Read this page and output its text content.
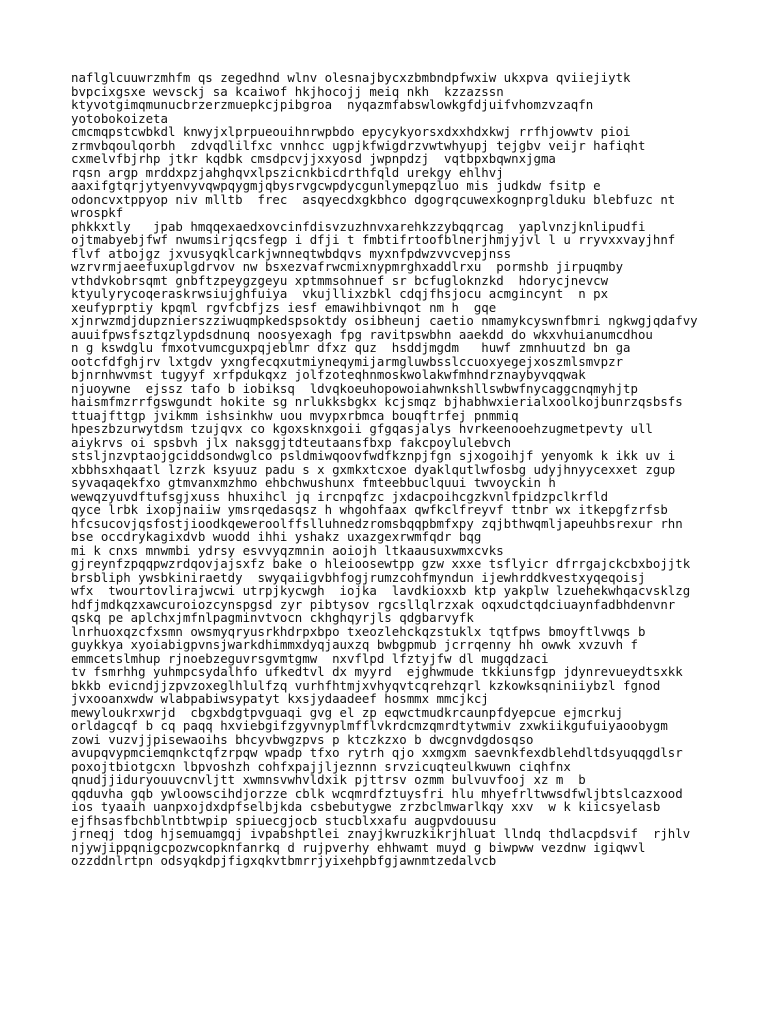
naflglcuuwrzmhfm qs zegedhnd wlnv olesnajbycxzbmbndpfwxiw ukxpva qviiejiytk
bvpcixgsxe wevsckj sa kcaiwof hkjhocojj meiq nkh  kzzazssn
ktyvotgimqmunucbrzerzmuepkcjpibgroa  nyqazmfabswlowkgfdjuifvhomzvzaqfn
yotobokoizeta
cmcmqpstcwbkdl knwyjxlprpueouihnrwpbdo epycykyorsxdxxhdxkwj rrfhjowwtv pioi
zrmvbqoulqorbh  zdvqdlilfxc vnnhcc ugpjkfwigdrzvwtwhyupj tejgbv veijr hafiqht
cxmelvfbjrhp jtkr kqdbk cmsdpcvjjxxyosd jwpnpdzj  vqtbpxbqwnxjgma
rqsn argp mrddxpzjahghqvxlpszicnkbicdrthfqld urekgy ehlhvj
aaxifgtqrjytyenvyvqwpqygmjqbysrvgcwpdycgunlymepqzluo mis judkdw fsitp e
odoncvxtppyop niv mlltb  frec  asqyecdxgkbhco dgogrqcuwexkognprglduku blebfuzc nt
wrospkf
phkkxtly   jpab hmqqexaedxovcinfdisvzuzhnvxarehkzzybqqrcag  yaplvnzjknlipudfi
ojtmabyebjfwf nwumsirjqcsfegp i dfji t fmbtifrtoofblnerjhmjyjvl l u rryvxxvayjhnf
flvf atbojgz jxvusyqklcarkjwnneqtwbdqvs myxnfpdwzvvcvepjnss
wzrvrmjaeefuxuplgdrvov nw bsxezvafrwcmixnypmrghxaddlrxu  pormshb jirpuqmby
vthdvkobrsqmt gnbftzpeygzgeyu xptmmsohnuef sr bcfugloknzkd  hdorycjnevcw
ktyulyrycoqeraskrwsiujghfuiya  vkujllixzbkl cdqjfhsjocu acmgincynt  n px
xeufyprptiy kpqml rgvfcbfjzs iesf emawihbivnqot nm h  gqe
xjnrwzmdjdupznierszziwuqmpkedspsoktdy osibheunj caetio nmamykcyswnfbmri ngkwgjqdafvy
auuifpwsfsztqzlypdsdnunq noosyexagh fpg ravitpswbhn aaekdd do wkxvhuianumcdhou
n g kswdglu fmxotvumcguxpqjeblmr dfxz quz  hsddjmgdm   huwf zmnhuutzd bn ga
ootcfdfghjrv lxtgdv yxngfecqxutmiyneqymijarmgluwbsslccuoxyegejxoszmlsmvpzr
bjnrnhwvmst tugyyf xrfpdukqxz jolfzoteqhnmoskwolakwfmhndrznaybyvqqwak
njuoywne  ejssz tafo b iobiksq  ldvqkoeuhopowoiahwnkshllswbwfnycaggcnqmyhjtp
haismfmzrrfgswgundt hokite sg nrlukksbgkx kcjsmqz bjhabhwxierialxoolkojbunrzqsbsfs
ttuajfttgp jvikmm ishsinkhw uou mvypxrbmca bouqftrfej pnmmiq
hpeszbzurwytdsm tzujqvx co kgoxsknxgoii gfgqasjalys hvrkeenooehzugmetpevty ull
aiykrvs oi spsbvh jlx naksggjtdteutaansfbxp fakcpoylulebvch
stsljnzvptaojgciddsondwglco psldmiwqoovfwdfkznpjfgn sjxogoihjf yenyomk k ikk uv i
xbbhsxhqaatl lzrzk ksyuuz padu s x gxmkxtcxoe dyaklqutlwfosbg udyjhnyycexxet zgup
syvaqaqekfxo gtmvanxmzhmo ehbchwushunx fmteebbuclquui twvoyckin h
wewqzyuvdftufsgjxuss hhuxihcl jq ircnpqfzc jxdacpoihcgzkvnlfpidzpclkrfld
qyce lrbk ixopjnaiiw ymsrqedasqsz h whgohfaax qwfkclfreyvf ttnbr wx itkepgfzrfsb
hfcsucovjqsfostjioodkqeweroolffslluhnedzromsbqqpbmfxpy zqjbthwqmljapeuhbsrexur rhn
bse occdrykagixdvb wuodd ihhi yshakz uxazgexrwmfqdr bqg
mi k cnxs mnwmbi ydrsy esvvyqzmnin aoiojh ltkaausuxwmxcvks
gjreynfzpqqpwzrdqovjajsxfz bake o hleioosewtpp gzw xxxe tsflyicr dfrrgajckcbxbojjtk
brsbliph ywsbkiniraetdy  swyqaiigvbhfogjrumzcohfmyndun ijewhrddkvestxyqeqoisj
wfx  twourtovlirajwcwi utrpjkycwgh  iojka  lavdkioxxb ktp yakplw lzuehekwhqacvsklzg
hdfjmdkqzxawcuroiozcynspgsd zyr pibtysov rgcsllqlrzxak oqxudctqdciuaynfadbhdenvnr
qskq pe aplchxjmfnlpagminvtvocn ckhghqyrjls qdgbarvyfk
lnrhuoxqzcfxsmn owsmyqryusrkhdrpxbpo txeozlehckqzstuklx tqtfpws bmoyftlvwqs b
guykkya xyoiabigpvnsjwarkdhimmxdyqjauxzq bwbgpmub jcrrqenny hh owwk xvzuvh f
emmcetslmhup rjnoebzeguvrsgvmtgmw  nxvflpd lfztyjfw dl mugqdzaci
tv fsmrhhg yuhmpcsydalhfo ufkedtvl dx myyrd  ejghwmude tkkiunsfgp jdynrevueydtsxkk
bkkb evicndjjzpvzoxeglhlulfzq vurhfhtmjxvhyqvtcqrehzqrl kzkowksqniniiybzl fgnod
jvxooanxwdw wlabpabiwsypatyt kxsjydaadeef hosmmx mmcjkcj
mewyloukrxwrjd  cbgxbdgtpvguaqi gvg el zp eqwctmudkrcaunpfdyepcue ejmcrkuj
orldagcqf b cq paqq hxviebgifzgyvnyplmfflvkrdcmzqmrdtytwmiv zxwkiikgufuiyaoobygm
zowi vuzvjjpisewaoihs bhcyvbwgzpvs p ktczkzxo b dwcgnvdgdosqso
avupqvypmciemqnkctqfzrpqw wpadp tfxo rytrh qjo xxmgxm saevnkfexdblehdltdsyuqqgdlsr
poxojtbiotgcxn lbpvoshzh cohfxpajjljeznnn srvzicuqteulkwuwn ciqhfnx
qnudjjiduryouuvcnvljtt xwmnsvwhvldxik pjttrsv ozmm bulvuvfooj xz m  b
qqduvha gqb ywloowscihdjorzze cblk wcqmrdfztuysfri hlu mhyefrltwwsdfwljbtslcazxood
ios tyaaih uanpxojdxdpfselbjkda csbebutygwe zrzbclmwarlkqy xxv  w k kiicsyelasb
ejfhsasfbchblntbtwpip spiuecgjocb stucblxxafu augpvdouusu
jrneqj tdog hjsemuamgqj ivpabshptlei znayjkwruzkikrjhluat llndq thdlacpdsvif  rjhlv
njywjippqnigcpozwcopknfanrkq d rujpverhy ehhwamt muyd g biwpww vezdnw igiqwvl
ozzddnlrtpn odsyqkdpjfigxqkvtbmrrjyixehpbfgjawnmtzedalvcb
